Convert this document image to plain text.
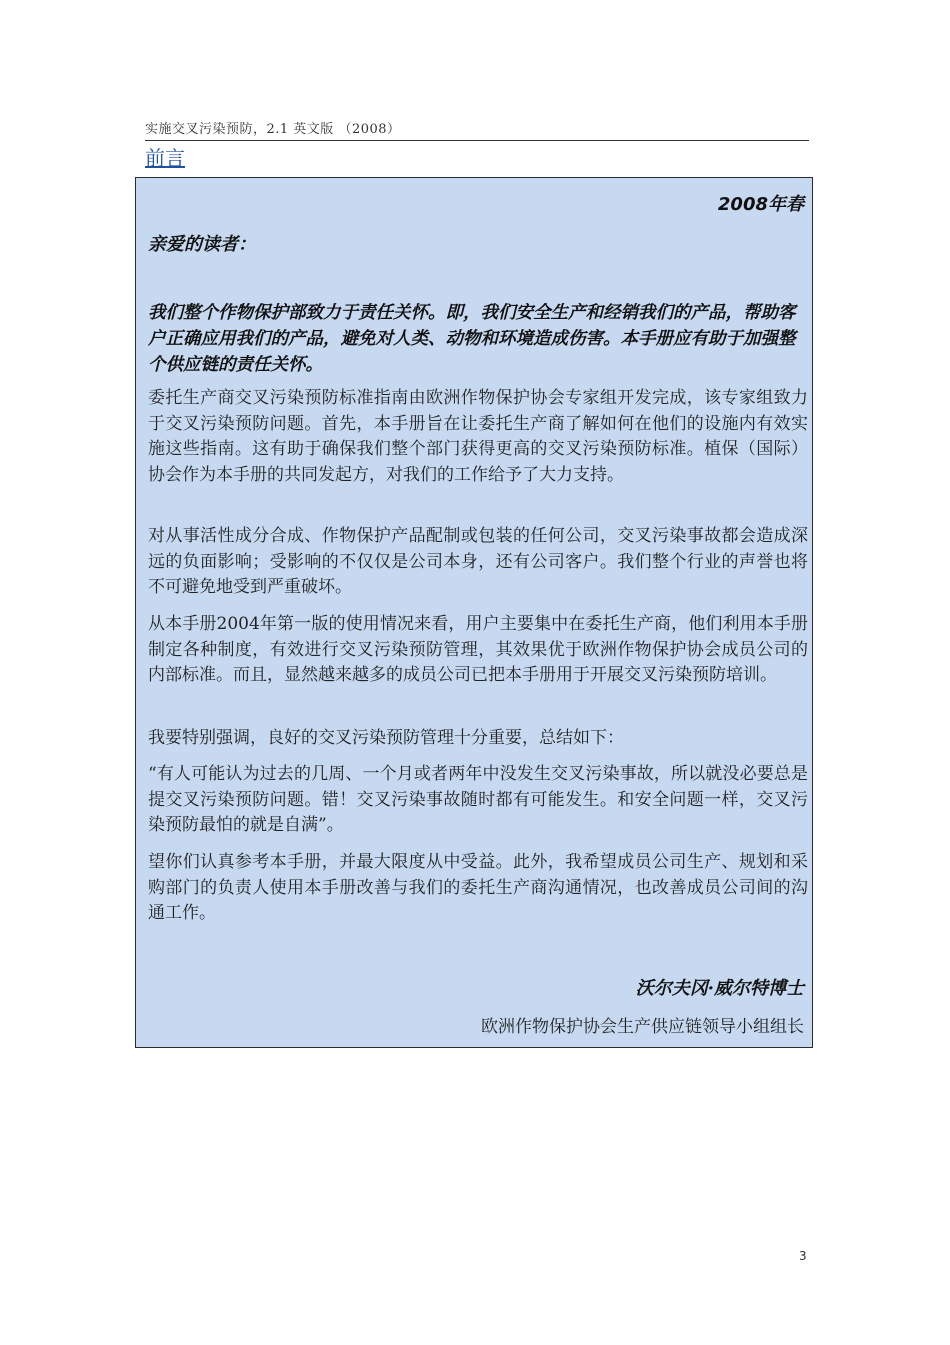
实施交叉污染预防，2.1 英文版 （2008）
前言
2008年春
亲爱的读者：
我们整个作物保护部致力于责任关怀。即，我们安全生产和经销我们的产品，帮助客户正确应用我们的产品，避免对人类、动物和环境造成伤害。本手册应有助于加强整个供应链的责任关怀。
委托生产商交叉污染预防标准指南由欧洲作物保护协会专家组开发完成，该专家组致力于交叉污染预防问题。首先，本手册旨在让委托生产商了解如何在他们的设施内有效实施这些指南。这有助于确保我们整个部门获得更高的交叉污染预防标准。植保（国际）协会作为本手册的共同发起方，对我们的工作给予了大力支持。
对从事活性成分合成、作物保护产品配制或包装的任何公司，交叉污染事故都会造成深远的负面影响；受影响的不仅仅是公司本身，还有公司客户。我们整个行业的声誉也将不可避免地受到严重破坏。
从本手册2004年第一版的使用情况来看，用户主要集中在委托生产商，他们利用本手册制定各种制度，有效进行交叉污染预防管理，其效果优于欧洲作物保护协会成员公司的内部标准。而且，显然越来越多的成员公司已把本手册用于开展交叉污染预防培训。
我要特别强调，良好的交叉污染预防管理十分重要，总结如下：
“有人可能认为过去的几周、一个月或者两年中没发生交叉污染事故，所以就没必要总是提交叉污染预防问题。错！交叉污染事故随时都有可能发生。和安全问题一样，交叉污染预防最怕的就是自满”。
望你们认真参考本手册，并最大限度从中受益。此外，我希望成员公司生产、规划和采购部门的负责人使用本手册改善与我们的委托生产商沟通情况，也改善成员公司间的沟通工作。
沃尔夫冈·威尔特博士
欧洲作物保护协会生产供应链领导小组组长
3
